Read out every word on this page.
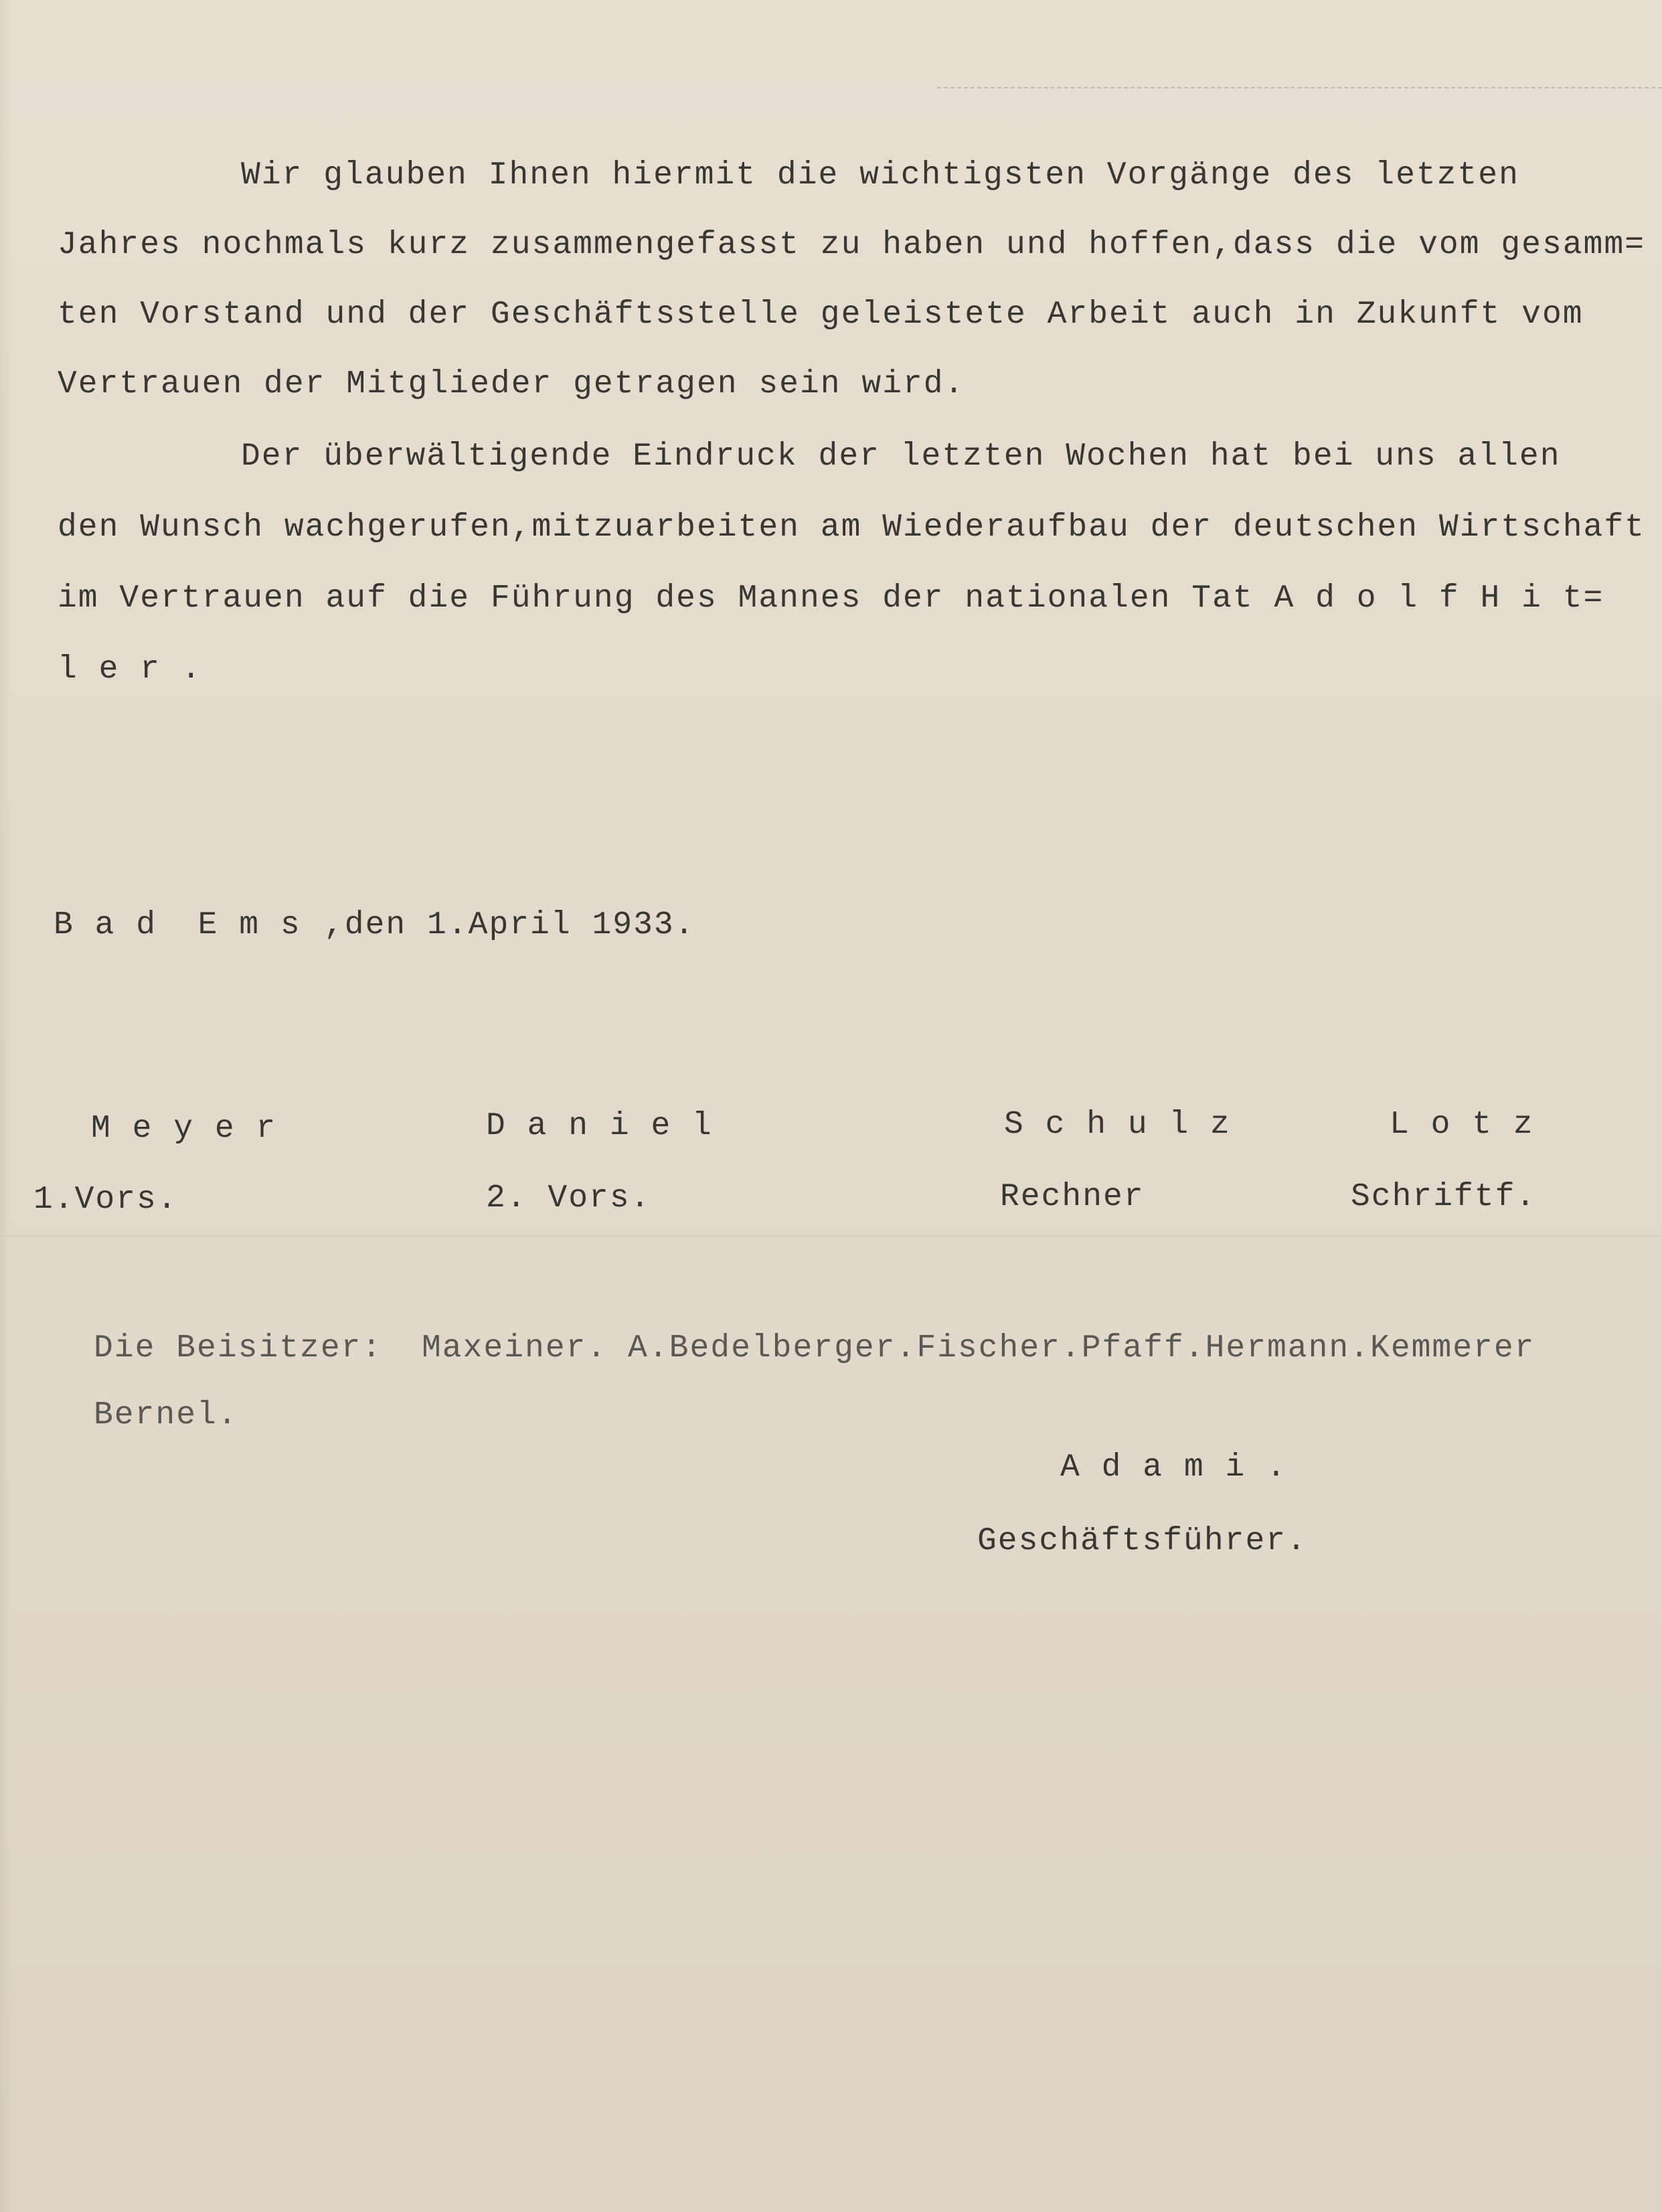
Wir glauben Ihnen hiermit die wichtigsten Vorgänge des letzten
Jahres nochmals kurz zusammengefasst zu haben und hoffen,dass die vom gesamm=
ten Vorstand und der Geschäftsstelle geleistete Arbeit auch in Zukunft vom
Vertrauen der Mitglieder getragen sein wird.
Der überwältigende Eindruck der letzten Wochen hat bei uns allen
den Wunsch wachgerufen,mitzuarbeiten am Wiederaufbau der deutschen Wirtschaft
im Vertrauen auf die Führung des Mannes der nationalen Tat A d o l f H i t=
l e r .
B a d  E m s ,den 1.April 1933.
M e y e r	D a n i e l	S c h u l z	L o t z
1.Vors.	2. Vors.	Rechner	Schriftf.
Die Beisitzer: Maxeiner. A.Bedelberger.Fischer.Pfaff.Hermann.Kemmerer
Bernel.
A d a m i .
Geschäftsführer.
